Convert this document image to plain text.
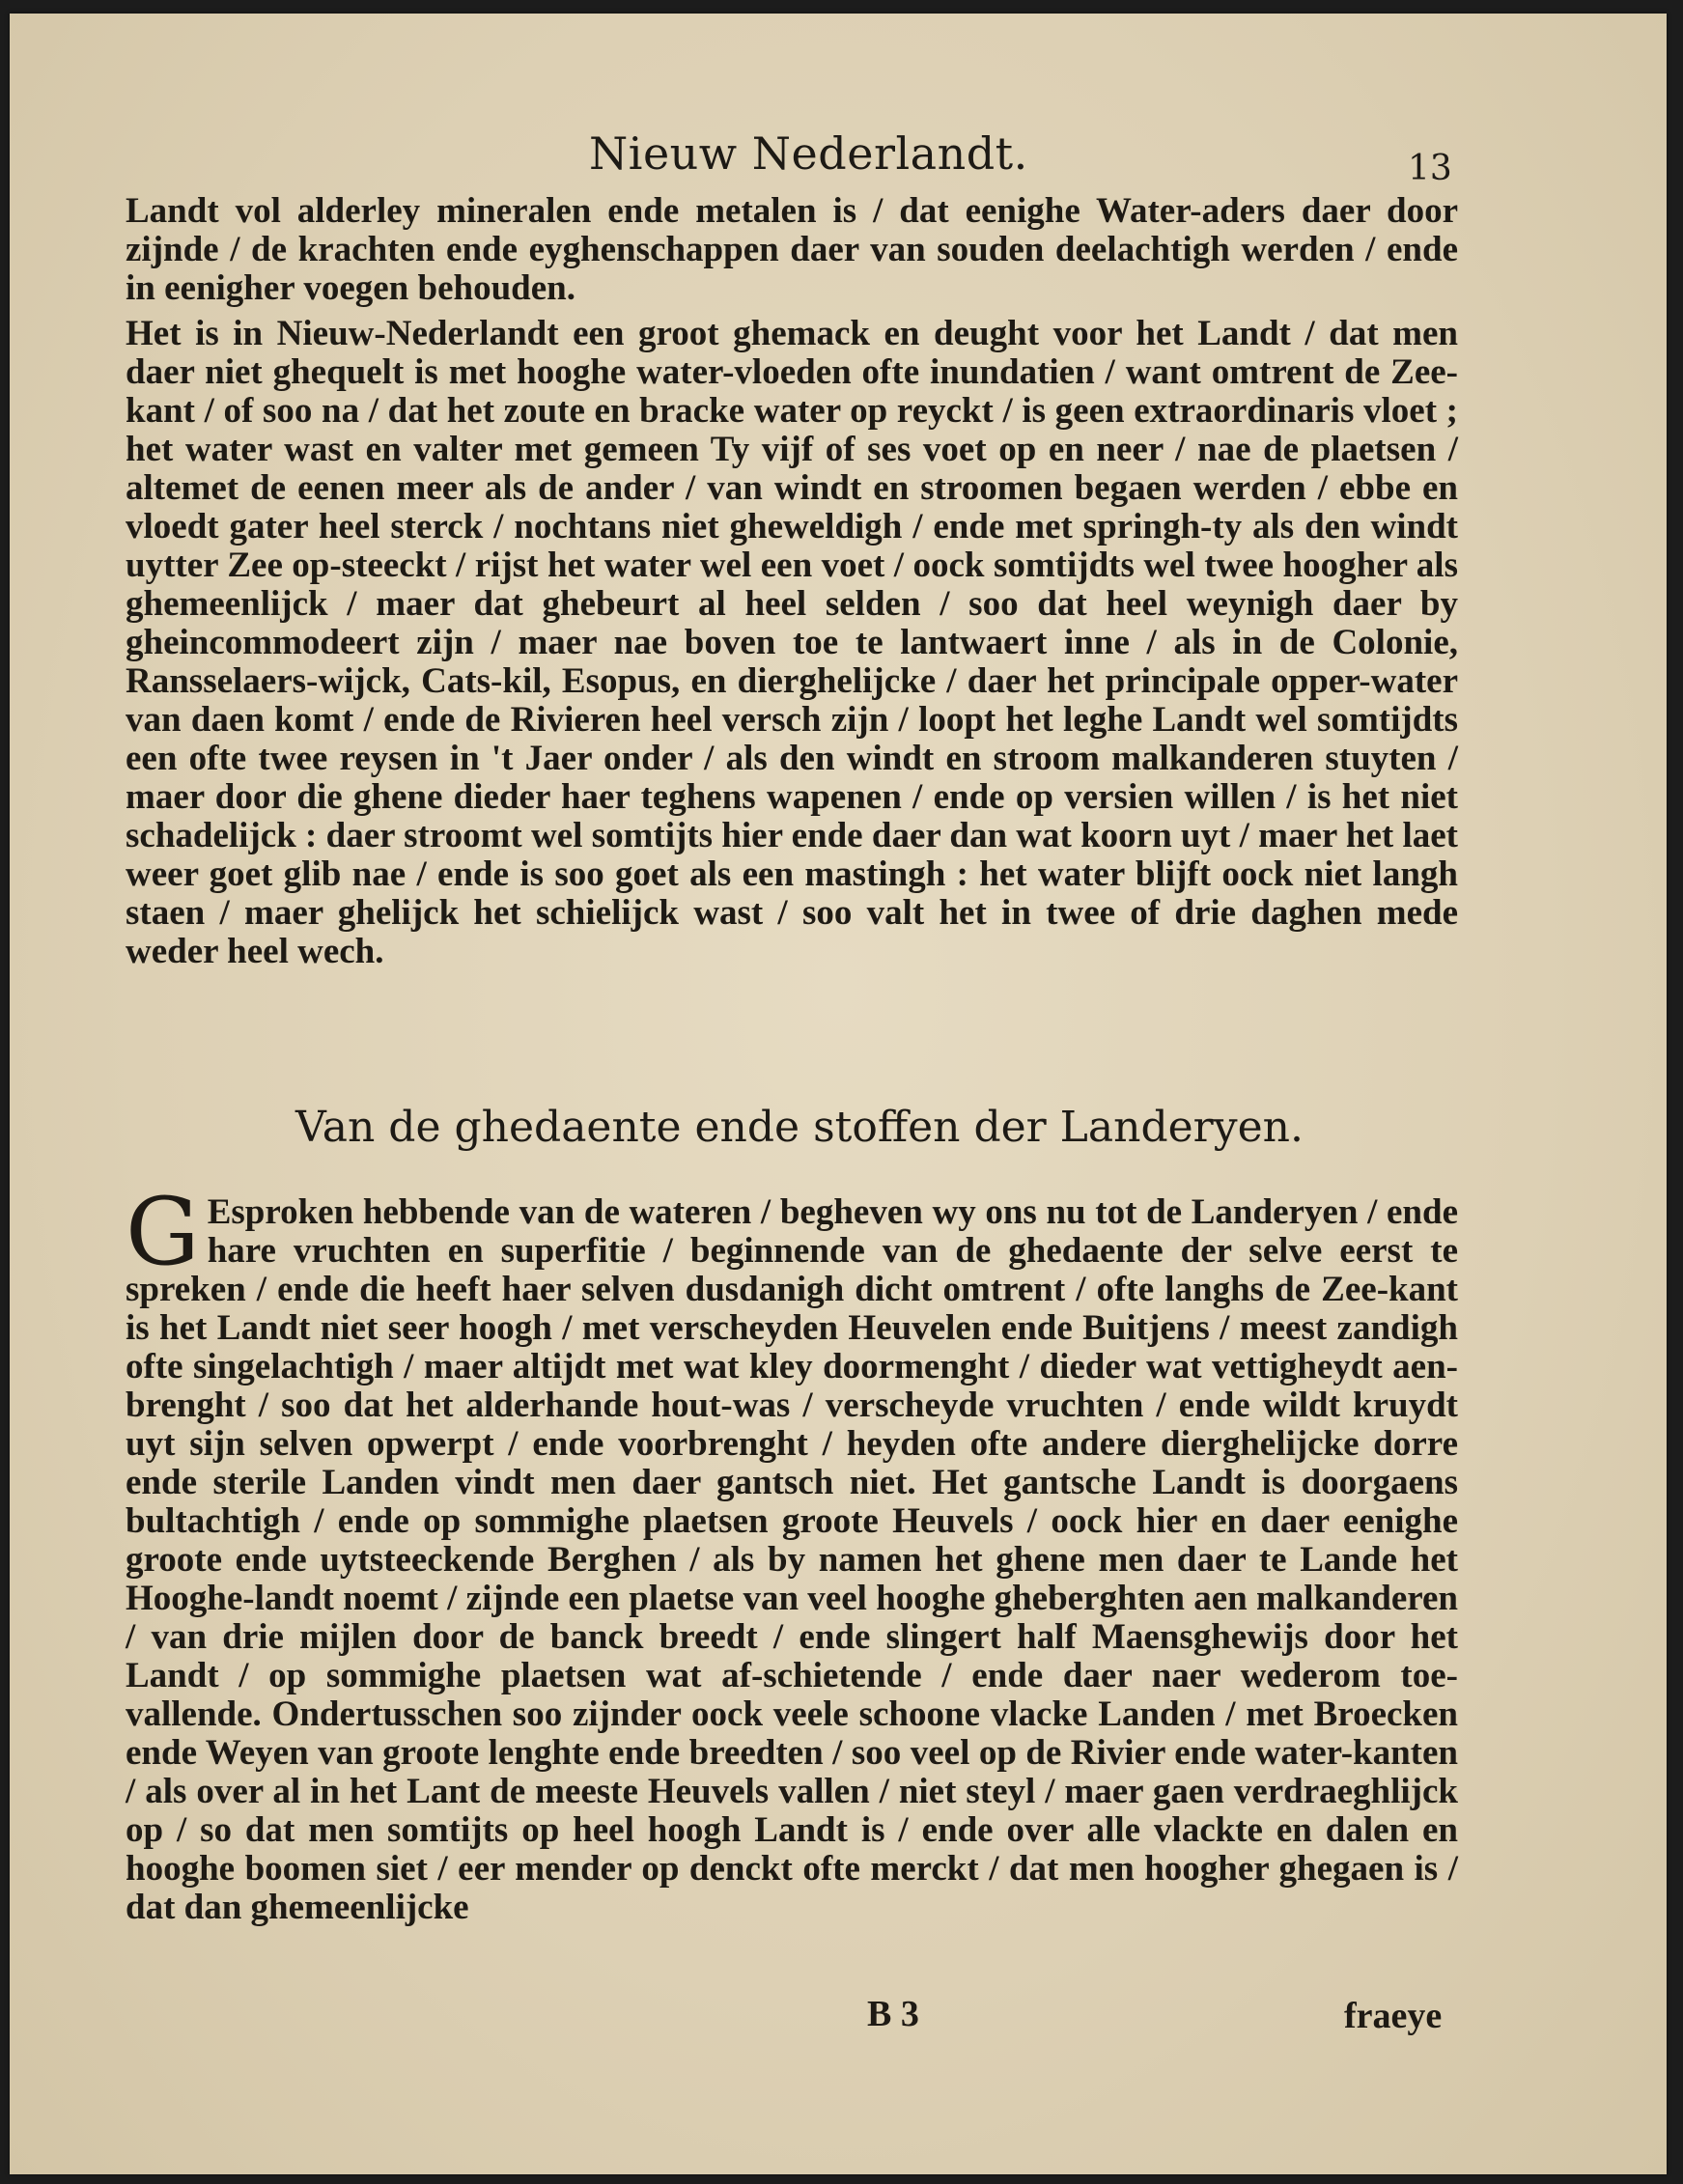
Nieuw Nederlandt.	13

Landt vol alderley mineralen ende metalen is / dat eenighe Water-aders daer door zijnde / de krachten ende eyghenschappen daer van souden deelachtigh werden / ende in eenigher voegen behouden.

Het is in Nieuw-Nederlandt een groot ghemack en deught voor het Landt / dat men daer niet ghequelt is met hooghe water-vloeden ofte inundatien / want omtrent de Zee-kant / of soo na / dat het zoute en bracke water op reyckt / is geen extraordinaris vloet ; het water wast en valter met gemeen Ty vijf of ses voet op en neer / nae de plaetsen / altemet de eenen meer als de ander / van windt en stroomen begaen werden / ebbe en vloedt gater heel sterck / nochtans niet gheweldigh / ende met springh-ty als den windt uytter Zee op-steeckt / rijst het water wel een voet / oock somtijdts wel twee hoogher als ghemeenlijck / maer dat ghebeurt al heel selden / soo dat heel weynigh daer by gheincommodeert zijn / maer nae boven toe te lantwaert inne / als in de Colonie, Ransselaers-wijck, Cats-kil, Esopus, en dierghelijcke / daer het principale opper-water van daen komt / ende de Rivieren heel versch zijn / loopt het leghe Landt wel somtijdts een ofte twee reysen in 't Jaer onder / als den windt en stroom malkanderen stuyten / maer door die ghene dieder haer teghens wapenen / ende op versien willen / is het niet schadelijck : daer stroomt wel somtijts hier ende daer dan wat koorn uyt / maer het laet weer goet glib nae / ende is soo goet als een mastingh : het water blijft oock niet langh staen / maer ghelijck het schielijck wast / soo valt het in twee of drie daghen mede weder heel wech.

Van de ghedaente ende stoffen der Landeryen.
G Esproken hebbende van de wateren / begheven wy ons nu tot de Landeryen / ende hare vruchten en superfitie / beginnende van de ghedaente der selve eerst te spreken / ende die heeft haer selven dusdanigh dicht omtrent / ofte langhs de Zee-kant is het Landt niet seer hoogh / met verscheyden Heuvelen ende Buitjens / meest zandigh ofte singelachtigh / maer altijdt met wat kley doormenght / dieder wat vettigheydt aen-brenght / soo dat het alderhande hout-was / verscheyde vruchten / ende wildt kruydt uyt sijn selven opwerpt / ende voorbrenght / heyden ofte andere dierghelijcke dorre ende sterile Landen vindt men daer gantsch niet. Het gantsche Landt is doorgaens bultachtigh / ende op sommighe plaetsen groote Heuvels / oock hier en daer eenighe groote ende uytsteeckende Berghen / als by namen het ghene men daer te Lande het Hooghe-landt noemt / zijnde een plaetse van veel hooghe gheberghten aen malkanderen / van drie mijlen door de banck breedt / ende slingert half Maensghewijs door het Landt / op sommighe plaetsen wat af-schietende / ende daer naer wederom toe-vallende. Ondertusschen soo zijnder oock veele schoone vlacke Landen / met Broecken ende Weyen van groote lenghte ende breedten / soo veel op de Rivier ende water-kanten / als over al in het Lant de meeste Heuvels vallen / niet steyl / maer gaen verdraeghlijck op / so dat men somtijts op heel hoogh Landt is / ende over alle vlackte en dalen en hooghe boomen siet / eer mender op denckt ofte merckt / dat men hoogher ghegaen is / dat dan ghemeenlijcke
B 3	fraeye
